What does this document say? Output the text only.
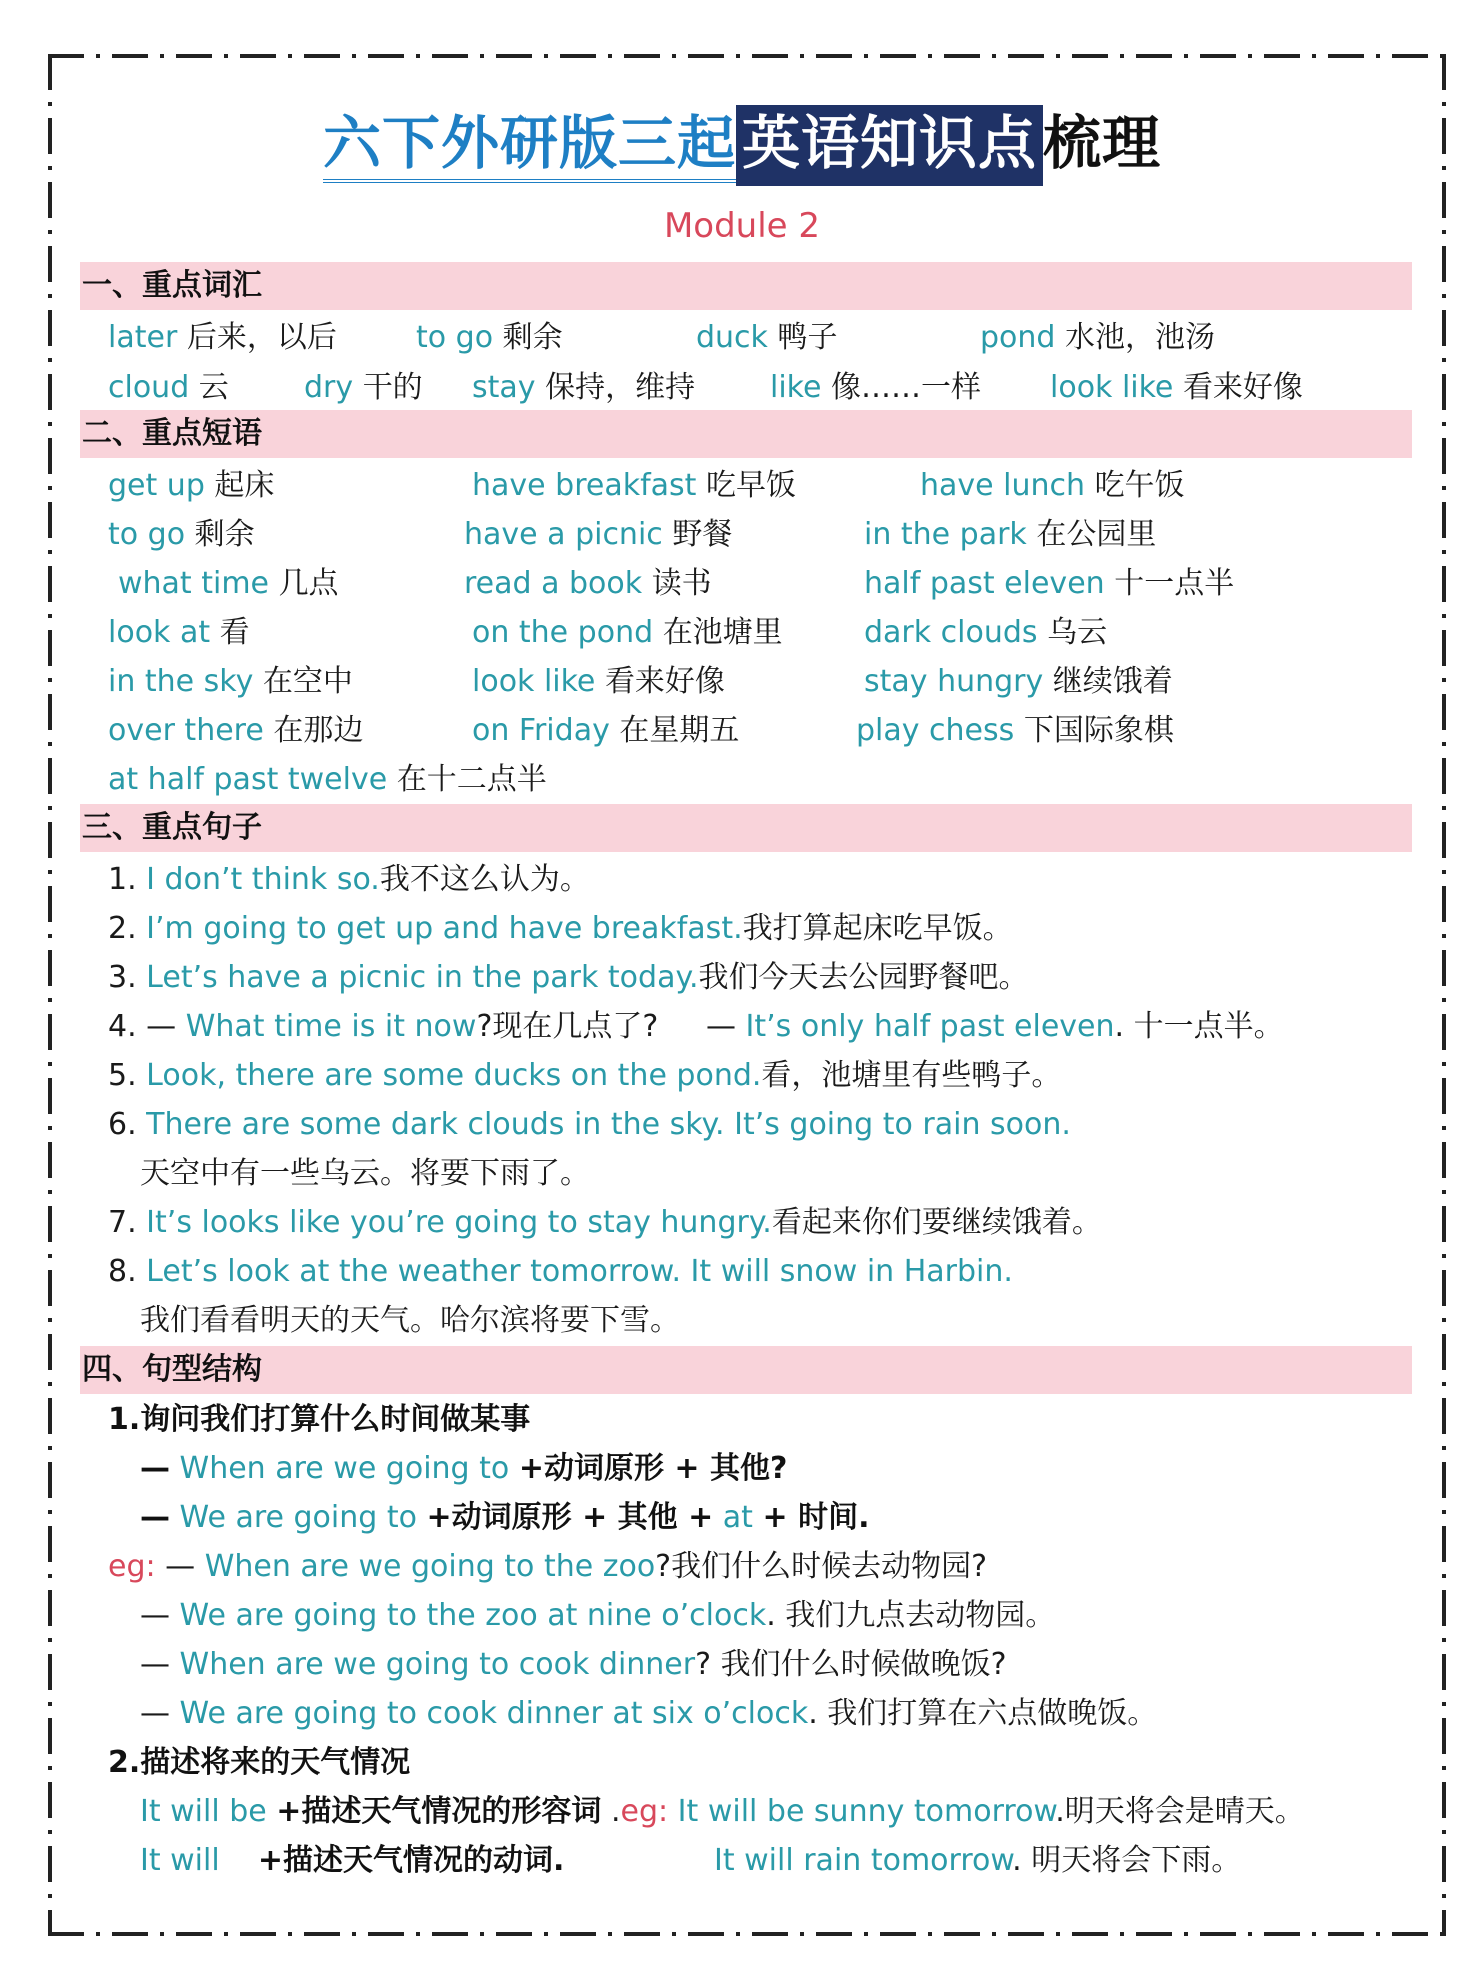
六下外研版三起 英语知识点 梳理
Module 2
一、重点词汇
later 后来，以后	to go 剩余	duck 鸭子	pond 水池，池汤
cloud 云	dry 干的 stay 保持，维持 like 像……一样 look like 看来好像
二、重点短语
get up 起床	have breakfast 吃早饭	have lunch 吃午饭
to go 剩余	have a picnic 野餐	in the park 在公园里
what time 几点	read a book 读书	half past eleven 十一点半
look at 看	on the pond 在池塘里	dark clouds 乌云
in the sky 在空中	look like 看来好像	stay hungry 继续饿着
over there 在那边	on Friday 在星期五	play chess 下国际象棋
at half past twelve 在十二点半
三、重点句子
1. I don’t think so.我不这么认为。
2. I’m going to get up and have breakfast.我打算起床吃早饭。
3. Let’s have a picnic in the park today.我们今天去公园野餐吧。
4. — What time is it now?现在几点了? — It’s only half past eleven. 十一点半。
5. Look, there are some ducks on the pond.看，池塘里有些鸭子。
6. There are some dark clouds in the sky. It’s going to rain soon.
天空中有一些乌云。将要下雨了。
7. It’s looks like you’re going to stay hungry.看起来你们要继续饿着。
8. Let’s look at the weather tomorrow. It will snow in Harbin.
我们看看明天的天气。哈尔滨将要下雪。
四、句型结构
1.询问我们打算什么时间做某事
— When are we going to +动词原形 + 其他?
— We are going to +动词原形 + 其他 + at + 时间.
eg: — When are we going to the zoo?我们什么时候去动物园?
— We are going to the zoo at nine o’clock. 我们九点去动物园。
— When are we going to cook dinner? 我们什么时候做晚饭?
— We are going to cook dinner at six o’clock. 我们打算在六点做晚饭。
2.描述将来的天气情况
It will be +描述天气情况的形容词 .eg: It will be sunny tomorrow.明天将会是晴天。
It will +描述天气情况的动词.	It will rain tomorrow. 明天将会下雨。
